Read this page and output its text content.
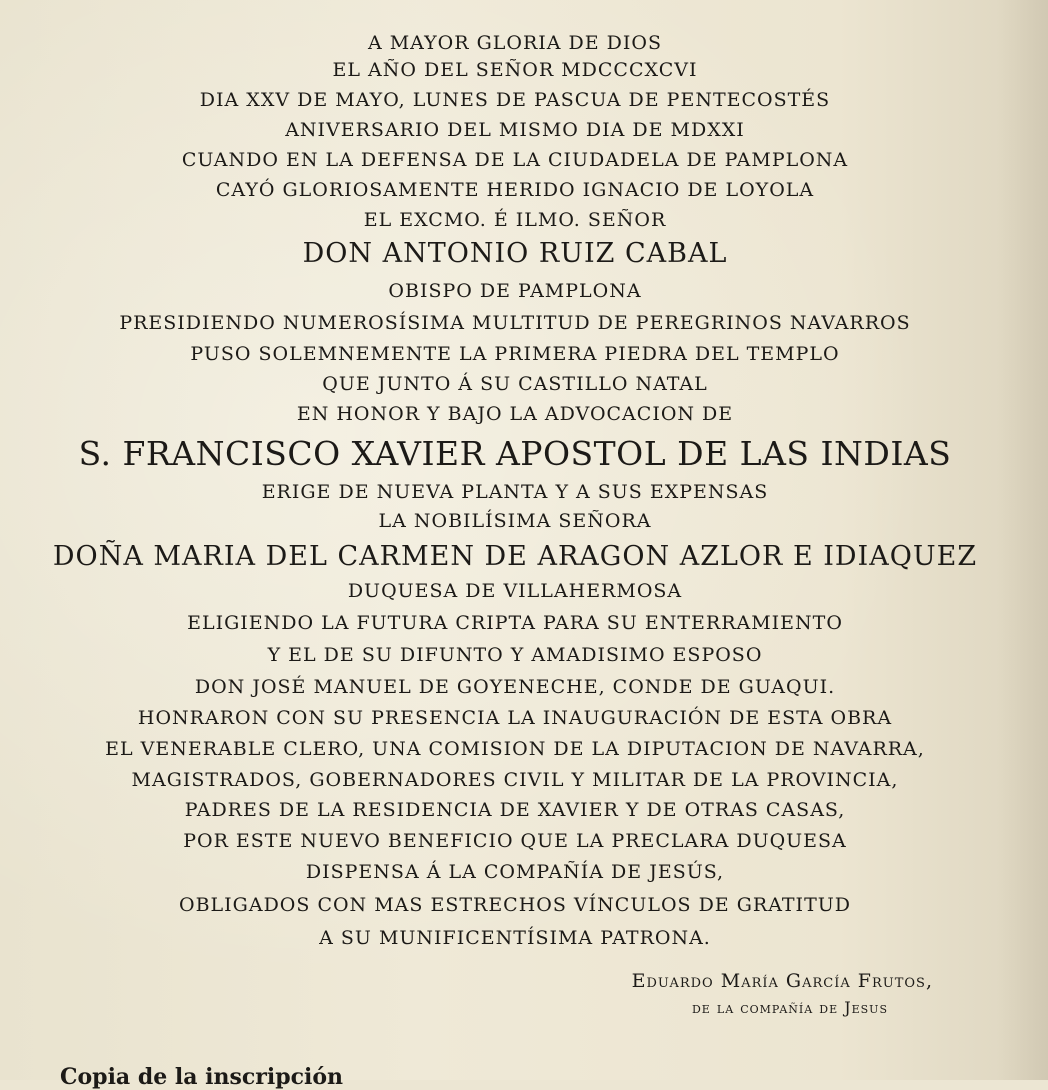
A MAYOR GLORIA DE DIOS
EL AÑO DEL SEÑOR MDCCCXCVI
DIA XXV DE MAYO, LUNES DE PASCUA DE PENTECOSTÉS
ANIVERSARIO DEL MISMO DIA DE MDXXI
CUANDO EN LA DEFENSA DE LA CIUDADELA DE PAMPLONA
CAYÓ GLORIOSAMENTE HERIDO IGNACIO DE LOYOLA
EL EXCMO. É ILMO. SEÑOR
DON ANTONIO RUIZ CABAL
OBISPO DE PAMPLONA
PRESIDIENDO NUMEROSÍSIMA MULTITUD DE PEREGRINOS NAVARROS
PUSO SOLEMNEMENTE LA PRIMERA PIEDRA DEL TEMPLO
QUE JUNTO Á SU CASTILLO NATAL
EN HONOR Y BAJO LA ADVOCACION DE
S. FRANCISCO XAVIER APOSTOL DE LAS INDIAS
ERIGE DE NUEVA PLANTA Y A SUS EXPENSAS
LA NOBILÍSIMA SEÑORA
DOÑA MARIA DEL CARMEN DE ARAGON AZLOR E IDIAQUEZ
DUQUESA DE VILLAHERMOSA
ELIGIENDO LA FUTURA CRIPTA PARA SU ENTERRAMIENTO
Y EL DE SU DIFUNTO Y AMADISIMO ESPOSO
DON JOSÉ MANUEL DE GOYENECHE, CONDE DE GUAQUI.
HONRARON CON SU PRESENCIA LA INAUGURACIÓN DE ESTA OBRA
EL VENERABLE CLERO, UNA COMISION DE LA DIPUTACION DE NAVARRA,
MAGISTRADOS, GOBERNADORES CIVIL Y MILITAR DE LA PROVINCIA,
PADRES DE LA RESIDENCIA DE XAVIER Y DE OTRAS CASAS,
POR ESTE NUEVO BENEFICIO QUE LA PRECLARA DUQUESA
DISPENSA Á LA COMPAÑÍA DE JESÚS,
OBLIGADOS CON MAS ESTRECHOS VÍNCULOS DE GRATITUD
A SU MUNIFICENTÍSIMA PATRONA.
Eduardo María García Frutos,
de la compañía de Jesus
Copia de la inscripción
